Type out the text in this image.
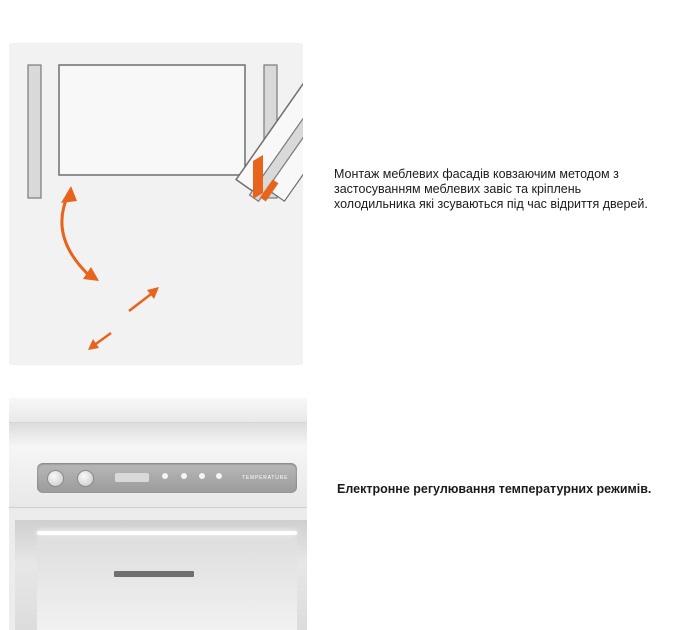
Монтаж меблевих фасадів ковзаючим методом з застосуванням меблевих завіс та кріплень холодильника які зсуваються під час відриття дверей.
TEMPERATURE
Електронне регулювання температурних режимів.
